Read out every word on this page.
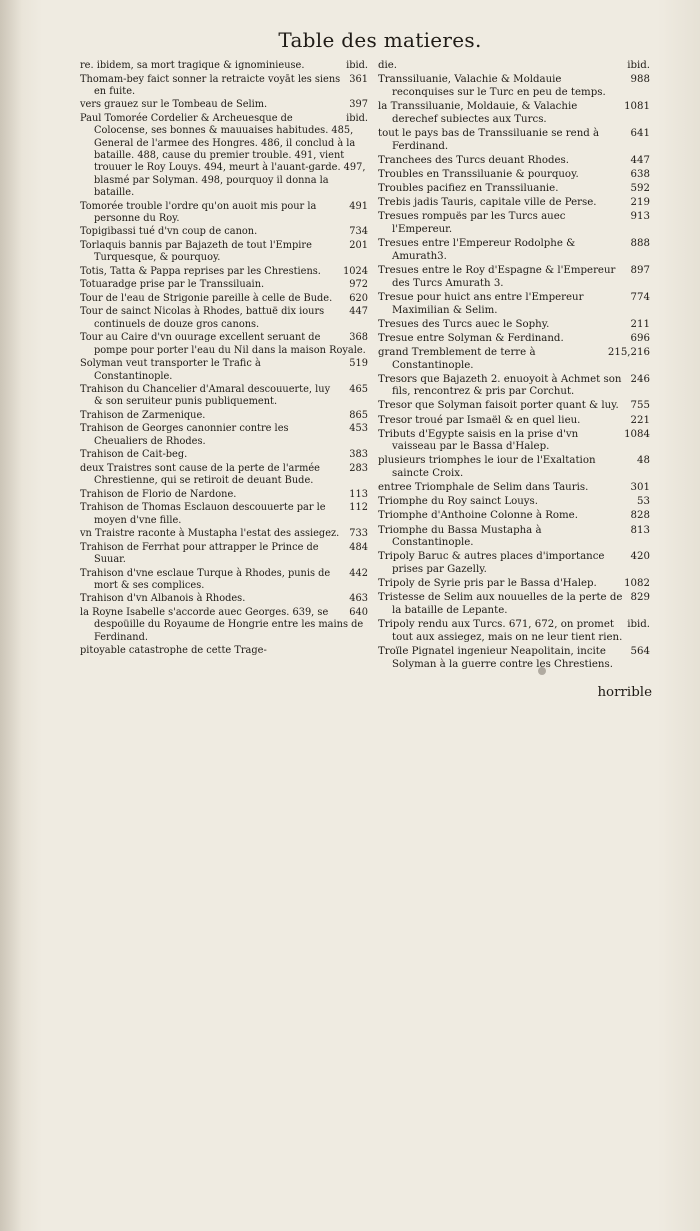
Table des matieres.

ibid.
re. ibidem, sa mort tragique & ignominieuse.

361
Thomam-bey faict sonner la retraicte voyāt les siens en fuite.

397
vers grauez sur le Tombeau de Selim.

ibid.
Paul Tomorée Cordelier & Archeuesque de Colocense, ses bonnes & mauuaises habitudes. 485, General de l'armee des Hongres. 486, il conclud à la bataille. 488, cause du premier trouble. 491, vient trouuer le Roy Louys. 494, meurt à l'auant-garde. 497, blasmé par Solyman. 498, pourquoy il donna la bataille.

491
Tomorée trouble l'ordre qu'on auoit mis pour la personne du Roy.

734
Topigibassi tué d'vn coup de canon.

201
Torlaquis bannis par Bajazeth de tout l'Empire Turquesque, & pourquoy.

1024
Totis, Tatta & Pappa reprises par les Chrestiens.

972
Totuaradge prise par le Transsiluain.

620
Tour de l'eau de Strigonie pareille à celle de Bude.

447
Tour de sainct Nicolas à Rhodes, battuë dix iours continuels de douze gros canons.

368
Tour au Caire d'vn ouurage excellent seruant de pompe pour porter l'eau du Nil dans la maison Royale.

519
Solyman veut transporter le Trafic à Constantinople.

465
Trahison du Chancelier d'Amaral descouuerte, luy & son seruiteur punis publiquement.

865
Trahison de Zarmenique.

453
Trahison de Georges canonnier contre les Cheualiers de Rhodes.

383
Trahison de Cait-beg.

283
deux Traistres sont cause de la perte de l'armée Chrestienne, qui se retiroit de deuant Bude.

113
Trahison de Florio de Nardone.

112
Trahison de Thomas Esclauon descouuerte par le moyen d'vne fille.

733
vn Traistre raconte à Mustapha l'estat des assiegez.

484
Trahison de Ferrhat pour attrapper le Prince de Suuar.

442
Trahison d'vne esclaue Turque à Rhodes, punis de mort & ses complices.

463
Trahison d'vn Albanois à Rhodes.

640
la Royne Isabelle s'accorde auec Georges. 639, se despoüille du Royaume de Hongrie entre les mains de Ferdinand.

pitoyable catastrophe de cette Trage-

ibid.
die.

988
Transsiluanie, Valachie & Moldauie reconquises sur le Turc en peu de temps.

1081
la Transsiluanie, Moldauie, & Valachie derechef subiectes aux Turcs.

641
tout le pays bas de Transsiluanie se rend à Ferdinand.

447
Tranchees des Turcs deuant Rhodes.

638
Troubles en Transsiluanie & pourquoy.

592
Troubles pacifiez en Transsiluanie.

219
Trebis jadis Tauris, capitale ville de Perse.

913
Tresues rompuës par les Turcs auec l'Empereur.

888
Tresues entre l'Empereur Rodolphe & Amurath3.

897
Tresues entre le Roy d'Espagne & l'Empereur des Turcs Amurath 3.

774
Tresue pour huict ans entre l'Empereur Maximilian & Selim.

211
Tresues des Turcs auec le Sophy.

696
Tresue entre Solyman & Ferdinand.

215,216
grand Tremblement de terre à Constantinople.

246
Tresors que Bajazeth 2. enuoyoit à Achmet son fils, rencontrez & pris par Corchut.

755
Tresor que Solyman faisoit porter quant & luy.

221
Tresor troué par Ismaël & en quel lieu.

1084
Tributs d'Egypte saisis en la prise d'vn vaisseau par le Bassa d'Halep.

48
plusieurs triomphes le iour de l'Exaltation saincte Croix.

301
entree Triomphale de Selim dans Tauris.

53
Triomphe du Roy sainct Louys.

828
Triomphe d'Anthoine Colonne à Rome.

813
Triomphe du Bassa Mustapha à Constantinople.

420
Tripoly Baruc & autres places d'importance prises par Gazelly.

1082
Tripoly de Syrie pris par le Bassa d'Halep.

829
Tristesse de Selim aux nouuelles de la perte de la bataille de Lepante.

ibid.
Tripoly rendu aux Turcs. 671, 672, on promet tout aux assiegez, mais on ne leur tient rien.

564
Troïle Pignatel ingenieur Neapolitain, incite Solyman à la guerre contre les Chrestiens.

horrible
